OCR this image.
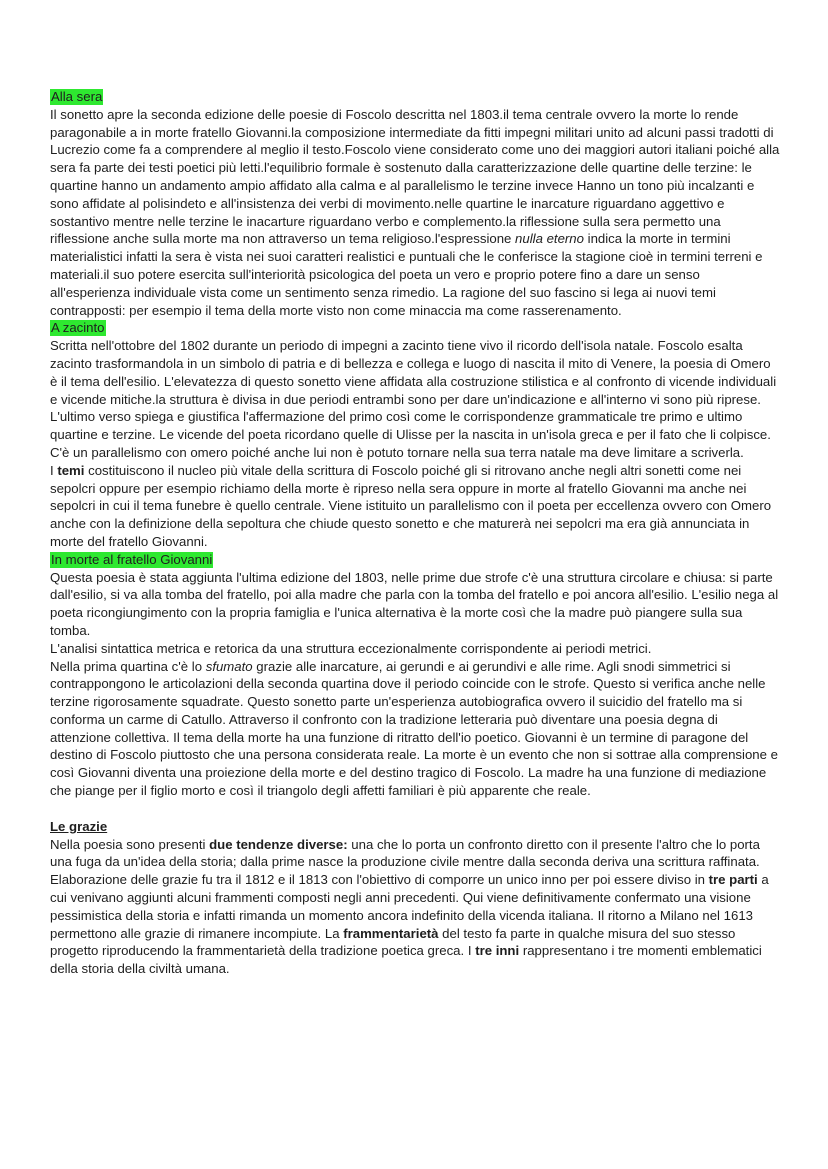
Alla sera

Il sonetto apre la seconda edizione delle poesie di Foscolo descritta nel 1803.il tema centrale ovvero la morte lo rende paragonabile a in morte fratello Giovanni.la composizione intermediate da fitti impegni militari unito ad alcuni passi tradotti di Lucrezio come fa a comprendere al meglio il testo.Foscolo viene considerato come uno dei maggiori autori italiani poiché alla sera fa parte dei testi poetici più letti.l'equilibrio formale è sostenuto dalla caratterizzazione delle quartine delle terzine: le quartine hanno un andamento ampio affidato alla calma e al parallelismo le terzine invece Hanno un tono più incalzanti e sono affidate al polisindeto e all'insistenza dei verbi di movimento.nelle quartine le inarcature riguardano aggettivo e sostantivo mentre nelle terzine le inacarture riguardano verbo e complemento.la riflessione sulla sera permetto una riflessione anche sulla morte ma non attraverso un tema religioso.l'espressione nulla eterno indica la morte in termini materialistici infatti la sera è vista nei suoi caratteri realistici e puntuali che le conferisce la stagione cioè in termini terreni e materiali.il suo potere esercita sull'interiorità psicologica del poeta un vero e proprio potere fino a dare un senso all'esperienza individuale vista come un sentimento senza rimedio. La ragione del suo fascino si lega ai nuovi temi contrapposti: per esempio il tema della morte visto non come minaccia ma come rasserenamento.

A zacinto

Scritta nell'ottobre del 1802 durante un periodo di impegni a zacinto tiene vivo il ricordo dell'isola natale. Foscolo esalta zacinto trasformandola in un simbolo di patria e di bellezza e collega e luogo di nascita il mito di Venere, la poesia di Omero è il tema dell'esilio. L'elevatezza di questo sonetto viene affidata alla costruzione stilistica e al confronto di vicende individuali e vicende mitiche.la struttura è divisa in due periodi entrambi sono per dare un'indicazione e all'interno vi sono più riprese. L'ultimo verso spiega e giustifica l'affermazione del primo così come le corrispondenze grammaticale tre primo e ultimo quartine e terzine. Le vicende del poeta ricordano quelle di Ulisse per la nascita in un'isola greca e per il fato che li colpisce. C'è un parallelismo con omero poiché anche lui non è potuto tornare nella sua terra natale ma deve limitare a scriverla.

I temi costituiscono il nucleo più vitale della scrittura di Foscolo poiché gli si ritrovano anche negli altri sonetti come nei sepolcri oppure per esempio richiamo della morte è ripreso nella sera oppure in morte al fratello Giovanni ma anche nei sepolcri in cui il tema funebre è quello centrale. Viene istituito un parallelismo con il poeta per eccellenza ovvero con Omero anche con la definizione della sepoltura che chiude questo sonetto e che maturerà nei sepolcri ma era già annunciata in morte del fratello Giovanni.

In morte al fratello Giovanni

Questa poesia è stata aggiunta l'ultima edizione del 1803, nelle prime due strofe c'è una struttura circolare e chiusa: si parte dall'esilio, si va alla tomba del fratello, poi alla madre che parla con la tomba del fratello e poi ancora all'esilio. L'esilio nega al poeta ricongiungimento con la propria famiglia e l'unica alternativa è la morte così che la madre può piangere sulla sua tomba.

L'analisi sintattica metrica e retorica da una struttura eccezionalmente corrispondente ai periodi metrici.

Nella prima quartina c'è lo sfumato grazie alle inarcature, ai gerundi e ai gerundivi e alle rime. Agli snodi simmetrici si contrappongono le articolazioni della seconda quartina dove il periodo coincide con le strofe. Questo si verifica anche nelle terzine rigorosamente squadrate. Questo sonetto parte un'esperienza autobiografica ovvero il suicidio del fratello ma si conforma un carme di Catullo. Attraverso il confronto con la tradizione letteraria può diventare una poesia degna di attenzione collettiva. Il tema della morte ha una funzione di ritratto dell'io poetico. Giovanni è un termine di paragone del destino di Foscolo piuttosto che una persona considerata reale. La morte è un evento che non si sottrae alla comprensione e così Giovanni diventa una proiezione della morte e del destino tragico di Foscolo. La madre ha una funzione di mediazione che piange per il figlio morto e così il triangolo degli affetti familiari è più apparente che reale.

Le grazie

Nella poesia sono presenti due tendenze diverse: una che lo porta un confronto diretto con il presente l'altro che lo porta una fuga da un'idea della storia; dalla prime nasce la produzione civile mentre dalla seconda deriva una scrittura raffinata.

Elaborazione delle grazie fu tra il 1812 e il 1813 con l'obiettivo di comporre un unico inno per poi essere diviso in tre parti a cui venivano aggiunti alcuni frammenti composti negli anni precedenti. Qui viene definitivamente confermato una visione pessimistica della storia e infatti rimanda un momento ancora indefinito della vicenda italiana. Il ritorno a Milano nel 1613 permettono alle grazie di rimanere incompiute. La frammentarietà del testo fa parte in qualche misura del suo stesso progetto riproducendo la frammentarietà della tradizione poetica greca. I tre inni rappresentano i tre momenti emblematici della storia della civiltà umana.
